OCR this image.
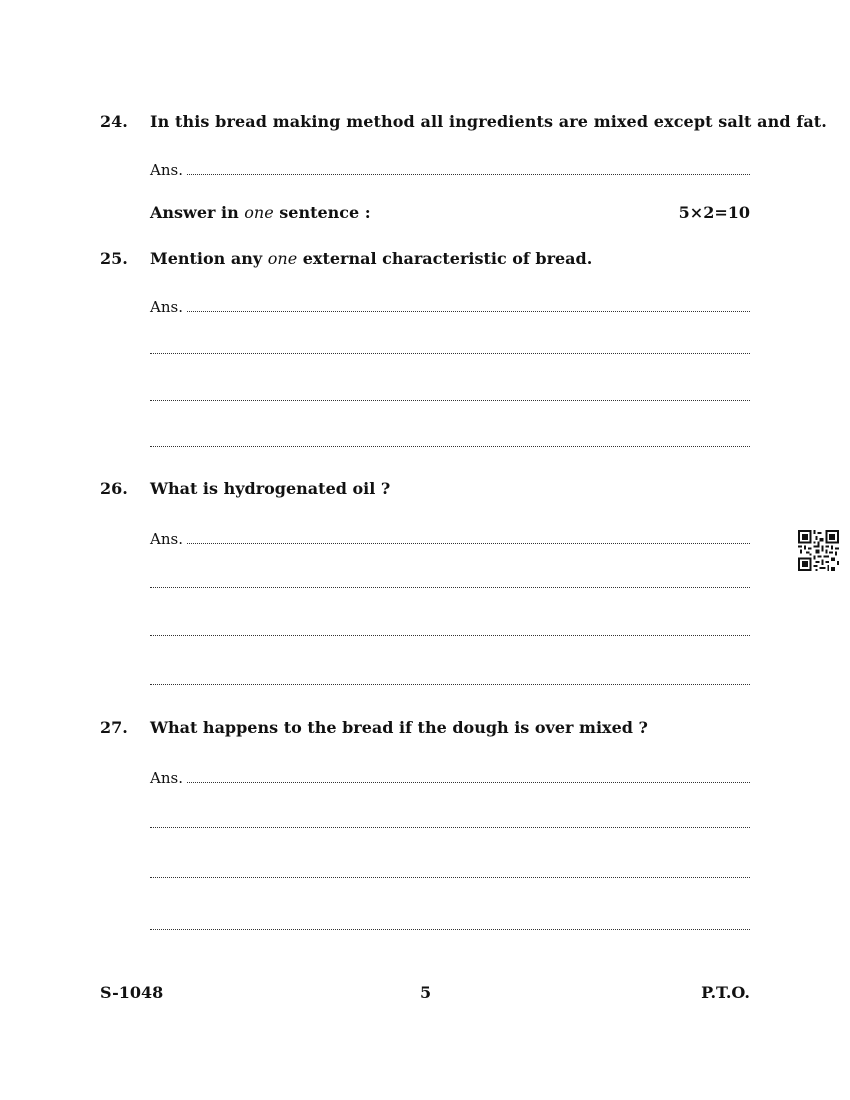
24. In this bread making method all ingredients are mixed except salt and fat.
Ans.
Answer in one sentence :	5×2=10
25. Mention any one external characteristic of bread.
Ans.
26. What is hydrogenated oil ?
Ans.
27. What happens to the bread if the dough is over mixed ?
Ans.
S-1048	5	P.T.O.
